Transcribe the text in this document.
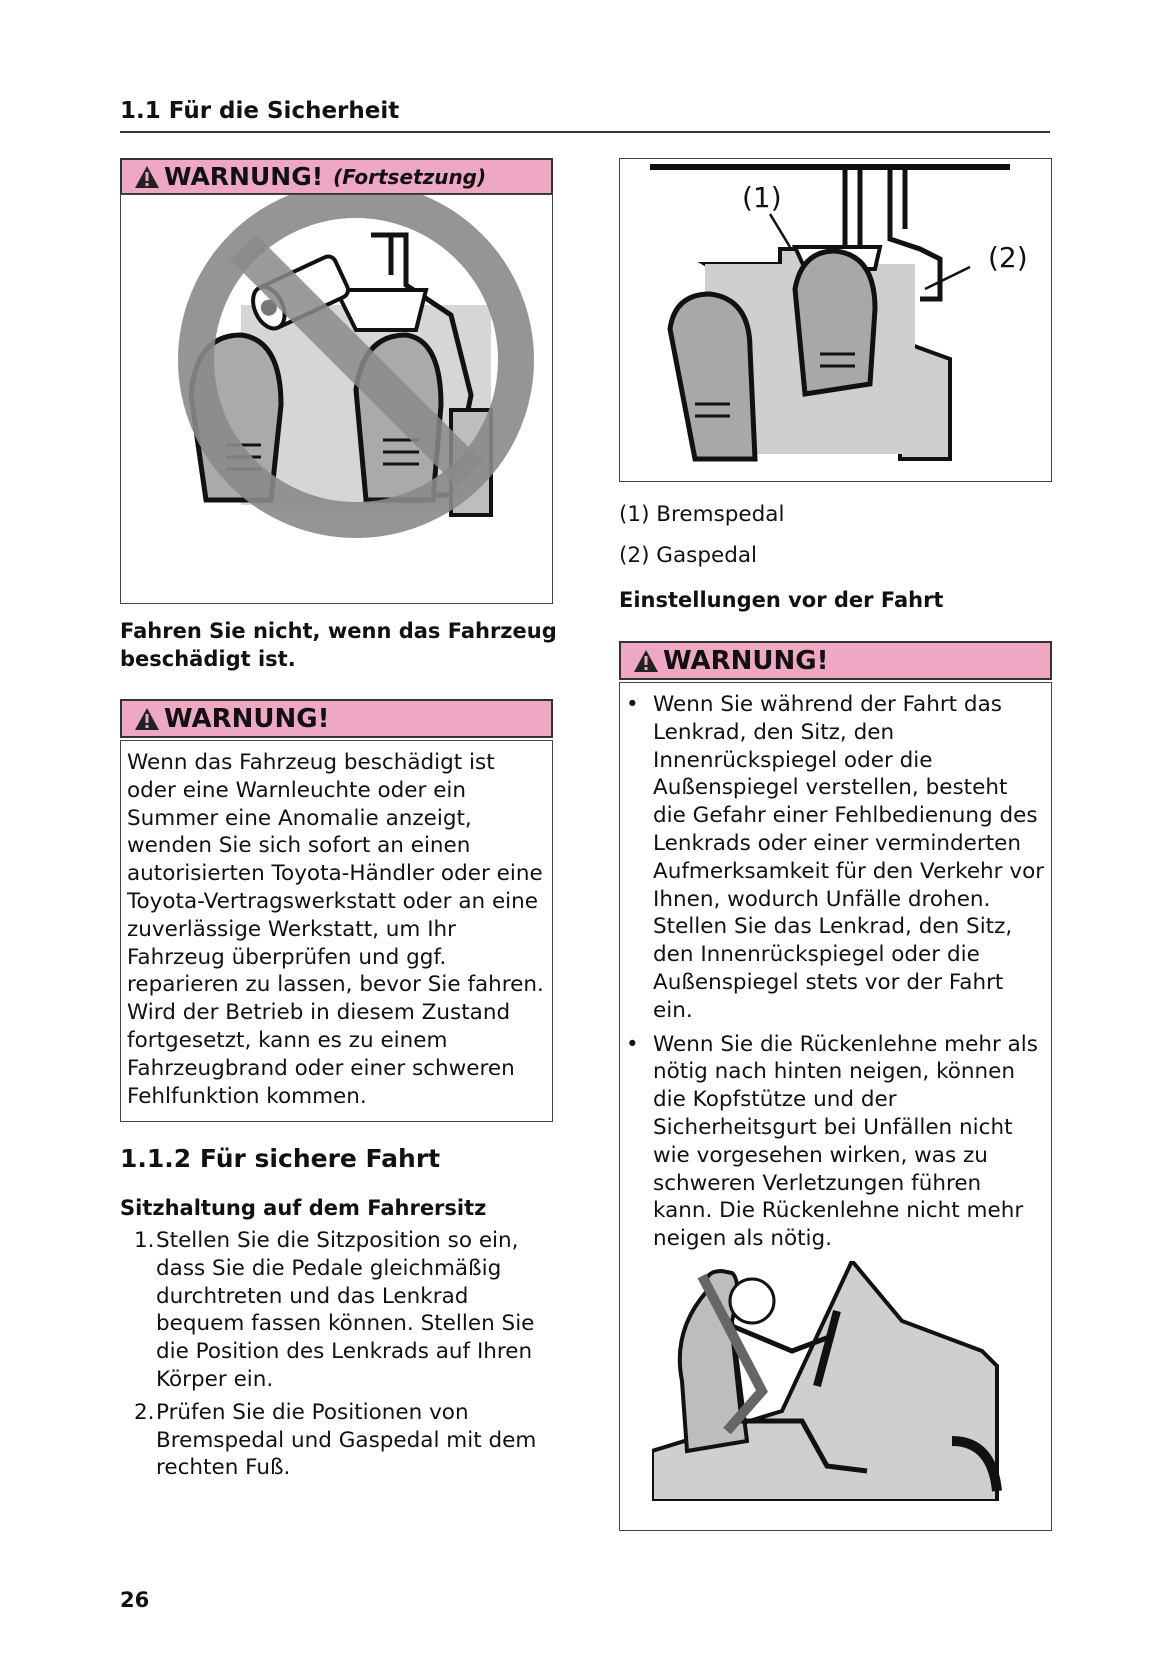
1.1 Für die Sicherheit
WARNUNG! (Fortsetzung)
Fahren Sie nicht, wenn das Fahrzeug beschädigt ist.
WARNUNG!
Wenn das Fahrzeug beschädigt ist oder eine Warnleuchte oder ein Summer eine Anomalie anzeigt, wenden Sie sich sofort an einen autorisierten Toyota-Händler oder eine Toyota-Vertragswerkstatt oder an eine zuverlässige Werkstatt, um Ihr Fahrzeug überprüfen und ggf. reparieren zu lassen, bevor Sie fahren. Wird der Betrieb in diesem Zustand fortgesetzt, kann es zu einem Fahrzeugbrand oder einer schweren Fehlfunktion kommen.
1.1.2 Für sichere Fahrt
Sitzhaltung auf dem Fahrersitz
1. Stellen Sie die Sitzposition so ein, dass Sie die Pedale gleichmäßig durchtreten und das Lenkrad bequem fassen können. Stellen Sie die Position des Lenkrads auf Ihren Körper ein.
2. Prüfen Sie die Positionen von Bremspedal und Gaspedal mit dem rechten Fuß.
(1)
(2)
(1) Bremspedal
(2) Gaspedal
Einstellungen vor der Fahrt
WARNUNG!
• Wenn Sie während der Fahrt das Lenkrad, den Sitz, den Innenrückspiegel oder die Außenspiegel verstellen, besteht die Gefahr einer Fehlbedienung des Lenkrads oder einer verminderten Aufmerksamkeit für den Verkehr vor Ihnen, wodurch Unfälle drohen. Stellen Sie das Lenkrad, den Sitz, den Innenrückspiegel oder die Außenspiegel stets vor der Fahrt ein.
• Wenn Sie die Rückenlehne mehr als nötig nach hinten neigen, können die Kopfstütze und der Sicherheitsgurt bei Unfällen nicht wie vorgesehen wirken, was zu schweren Verletzungen führen kann. Die Rückenlehne nicht mehr neigen als nötig.
26
